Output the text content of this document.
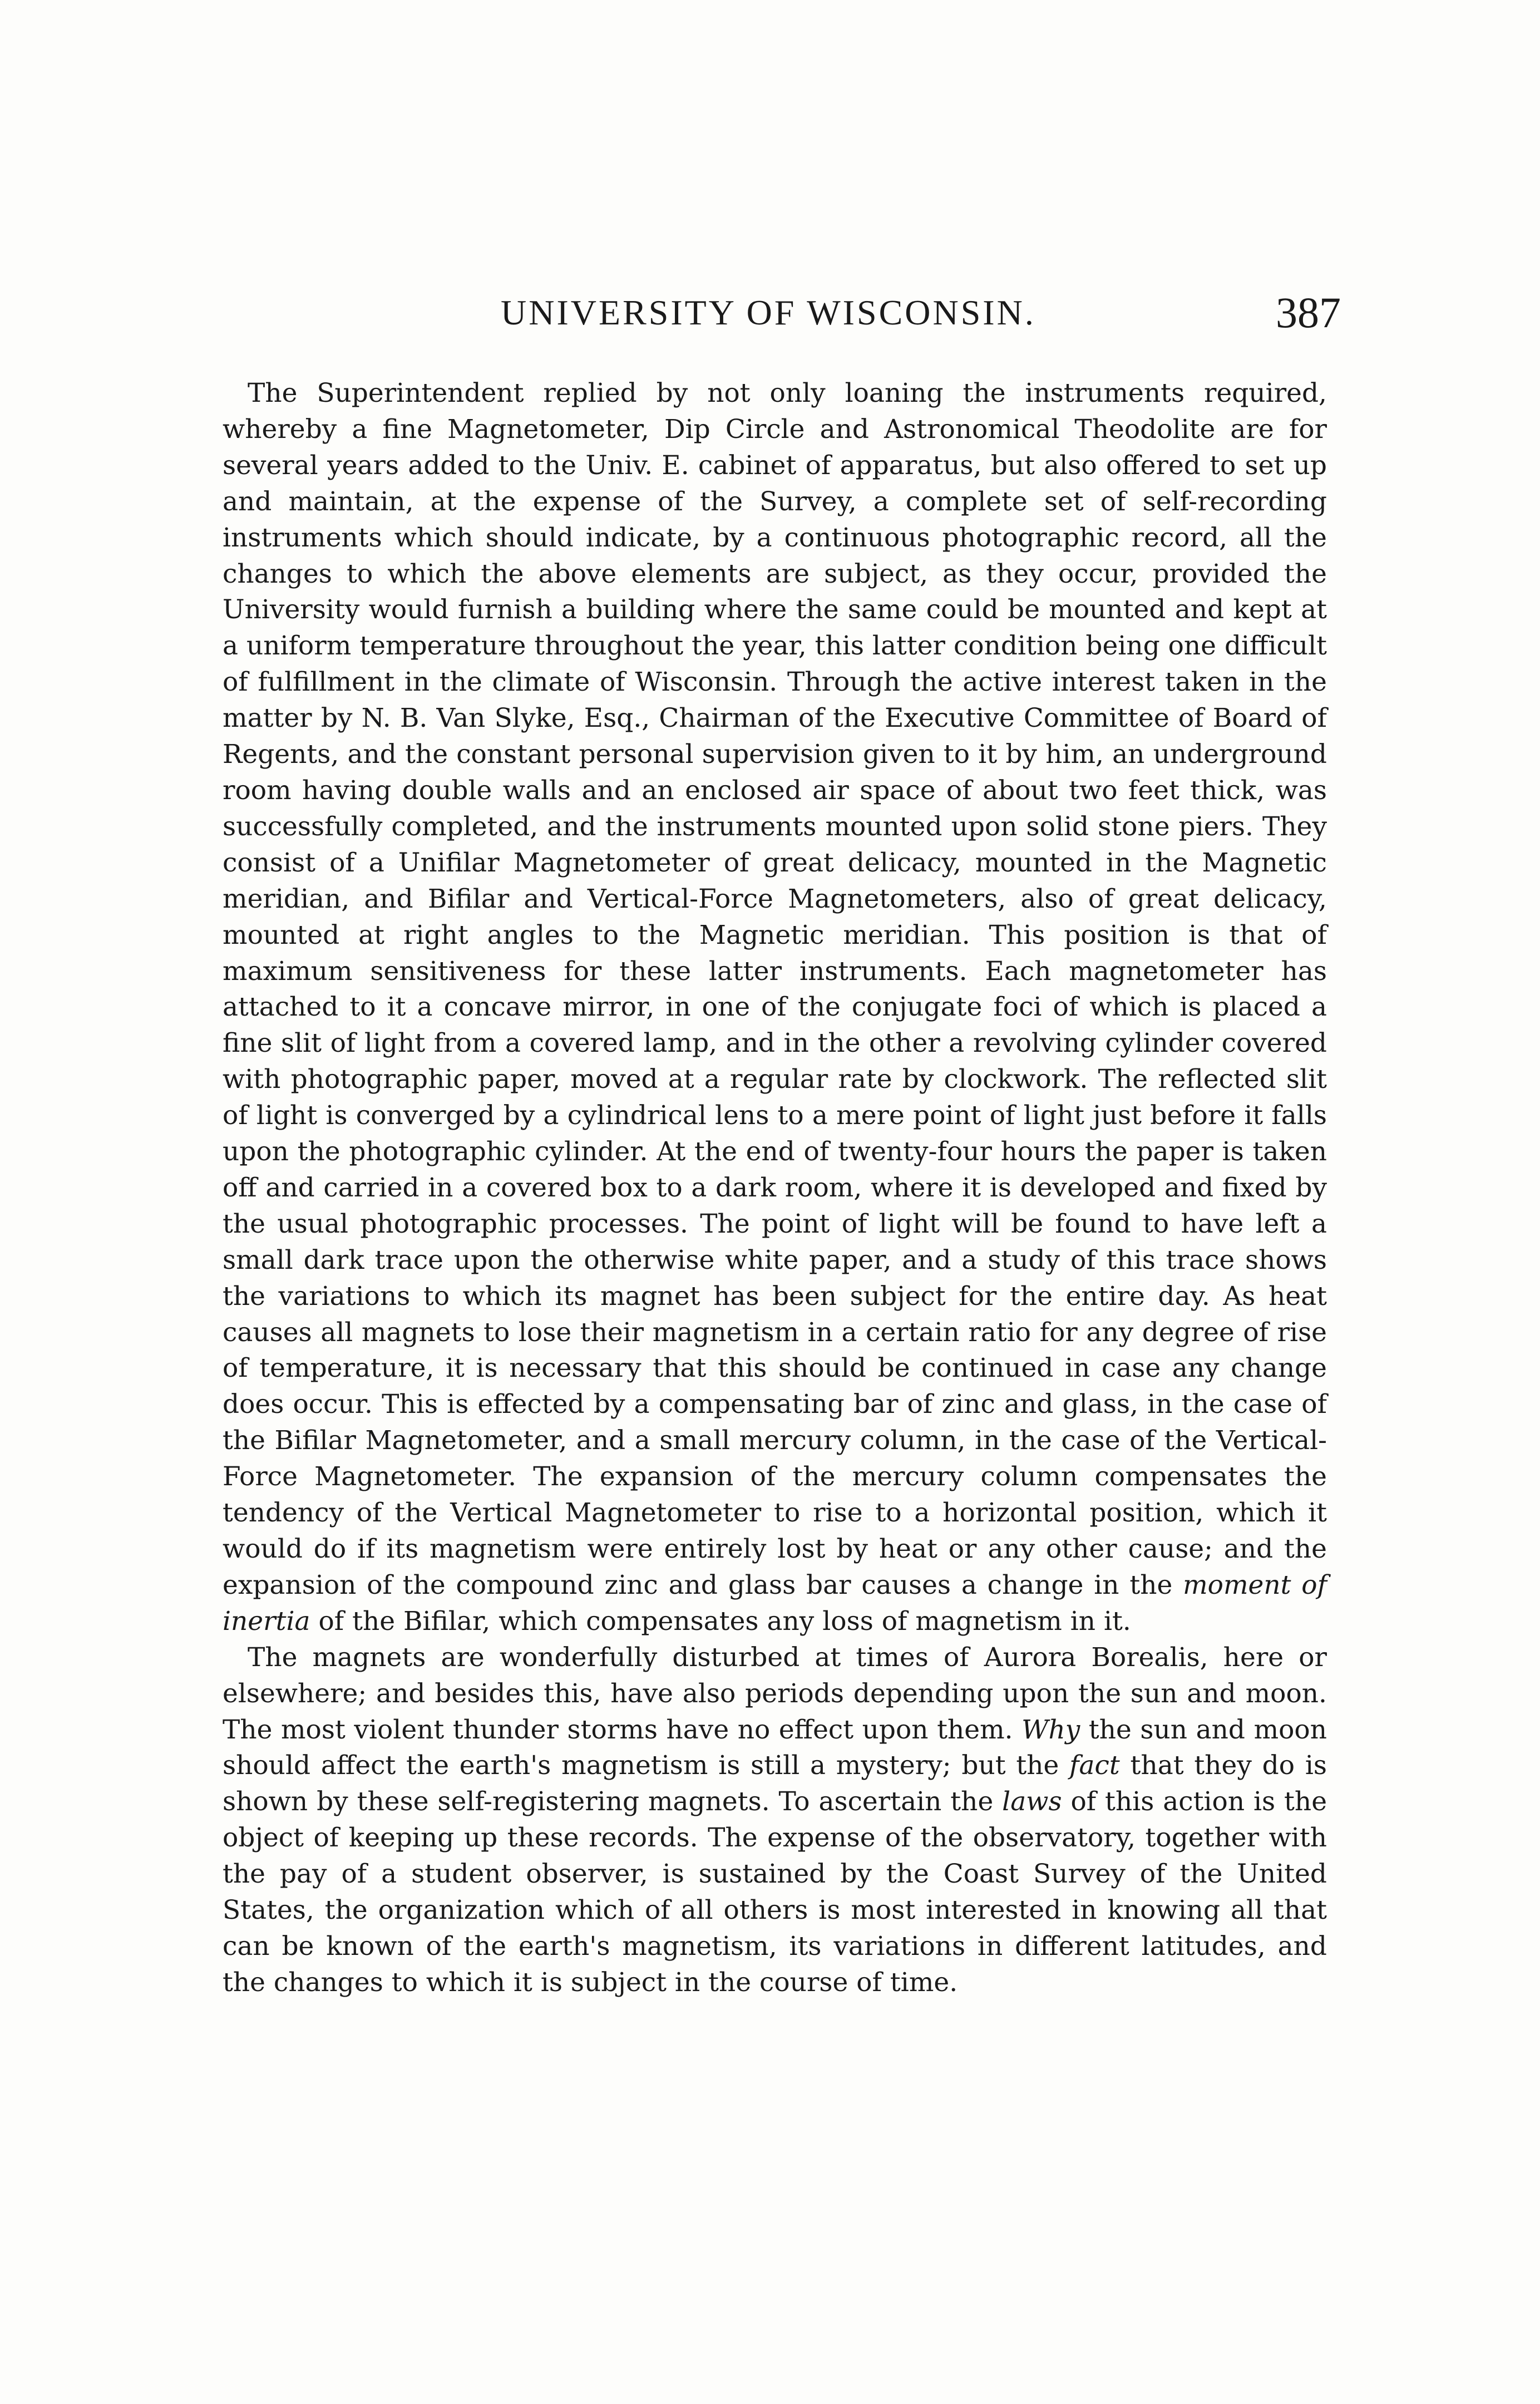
UNIVERSITY OF WISCONSIN.	387

The Superintendent replied by not only loaning the instruments required, whereby a fine Magnetometer, Dip Circle and Astronomical Theodolite are for several years added to the Univ. E. cabinet of apparatus, but also offered to set up and maintain, at the expense of the Survey, a complete set of self-recording instruments which should indicate, by a continuous photographic record, all the changes to which the above elements are subject, as they occur, provided the University would furnish a building where the same could be mounted and kept at a uniform temperature throughout the year, this latter condition being one difficult of fulfillment in the climate of Wisconsin. Through the active interest taken in the matter by N. B. Van Slyke, Esq., Chairman of the Executive Committee of Board of Regents, and the constant personal supervision given to it by him, an underground room having double walls and an enclosed air space of about two feet thick, was successfully completed, and the instruments mounted upon solid stone piers. They consist of a Unifilar Magnetometer of great delicacy, mounted in the Magnetic meridian, and Bifilar and Vertical-Force Magnetometers, also of great delicacy, mounted at right angles to the Magnetic meridian. This position is that of maximum sensitiveness for these latter instruments. Each magnetometer has attached to it a concave mirror, in one of the conjugate foci of which is placed a fine slit of light from a covered lamp, and in the other a revolving cylinder covered with photographic paper, moved at a regular rate by clockwork. The reflected slit of light is converged by a cylindrical lens to a mere point of light just before it falls upon the photographic cylinder. At the end of twenty-four hours the paper is taken off and carried in a covered box to a dark room, where it is developed and fixed by the usual photographic processes. The point of light will be found to have left a small dark trace upon the otherwise white paper, and a study of this trace shows the variations to which its magnet has been subject for the entire day. As heat causes all magnets to lose their magnetism in a certain ratio for any degree of rise of temperature, it is necessary that this should be continued in case any change does occur. This is effected by a compensating bar of zinc and glass, in the case of the Bifilar Magnetometer, and a small mercury column, in the case of the Vertical-Force Magnetometer. The expansion of the mercury column compensates the tendency of the Vertical Magnetometer to rise to a horizontal position, which it would do if its magnetism were entirely lost by heat or any other cause; and the expansion of the compound zinc and glass bar causes a change in the moment of inertia of the Bifilar, which compensates any loss of magnetism in it.

The magnets are wonderfully disturbed at times of Aurora Borealis, here or elsewhere; and besides this, have also periods depending upon the sun and moon. The most violent thunder storms have no effect upon them. Why the sun and moon should affect the earth's magnetism is still a mystery; but the fact that they do is shown by these self-registering magnets. To ascertain the laws of this action is the object of keeping up these records. The expense of the observatory, together with the pay of a student observer, is sustained by the Coast Survey of the United States, the organization which of all others is most interested in knowing all that can be known of the earth's magnetism, its variations in different latitudes, and the changes to which it is subject in the course of time.
